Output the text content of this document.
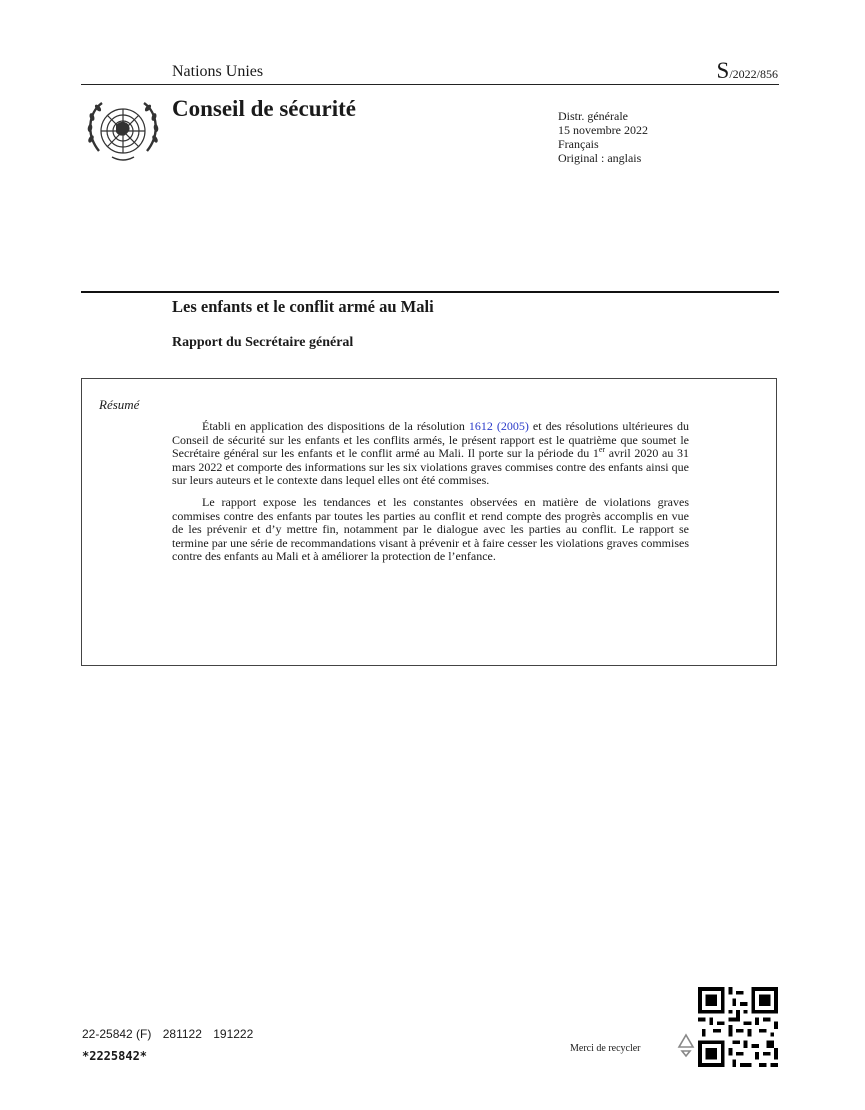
Nations Unies	S/2022/856
Conseil de sécurité	Distr. générale
15 novembre 2022
Français
Original : anglais
Les enfants et le conflit armé au Mali
Rapport du Secrétaire général
Résumé

Établi en application des dispositions de la résolution 1612 (2005) et des résolutions ultérieures du Conseil de sécurité sur les enfants et les conflits armés, le présent rapport est le quatrième que soumet le Secrétaire général sur les enfants et le conflit armé au Mali. Il porte sur la période du 1er avril 2020 au 31 mars 2022 et comporte des informations sur les six violations graves commises contre des enfants ainsi que sur leurs auteurs et le contexte dans lequel elles ont été commises.

Le rapport expose les tendances et les constantes observées en matière de violations graves commises contre des enfants par toutes les parties au conflit et rend compte des progrès accomplis en vue de les prévenir et d’y mettre fin, notamment par le dialogue avec les parties au conflit. Le rapport se termine par une série de recommandations visant à prévenir et à faire cesser les violations graves commises contre des enfants au Mali et à améliorer la protection de l’enfance.

22-25842 (F) 281122 191222
*2225842*
Merci de recycler
